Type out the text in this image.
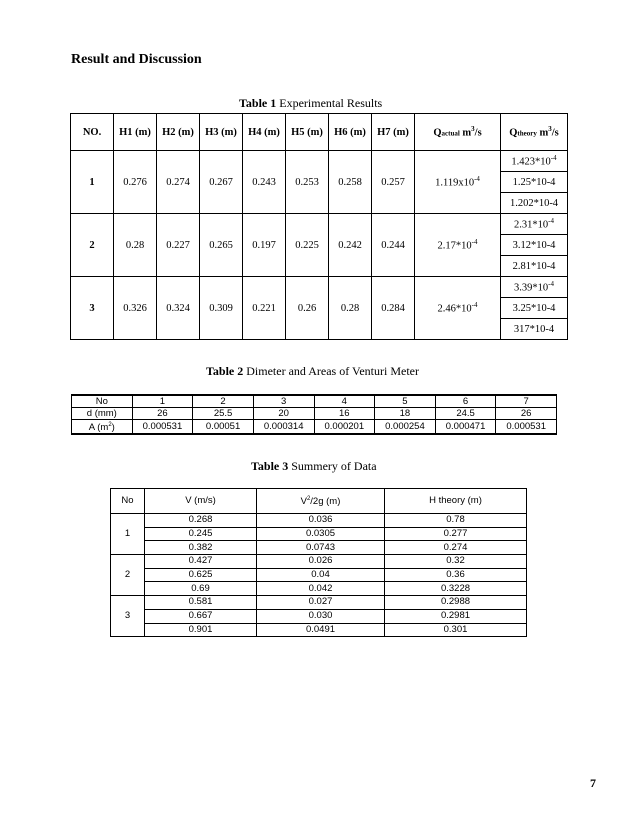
Result and Discussion
Table 1 Experimental Results
NO.	H1 (m)	H2 (m)	H3 (m)	H4 (m)	H5 (m)	H6 (m)	H7 (m)	Qactual $m^3/s$	Qtheory $m^3/s$
1	0.276	0.274	0.267	0.243	0.253	0.258	0.257	$1.119x10^{-4}$	$1.423*10^{-4}$
									1.25*10-4
									1.202*10-4
2	0.28	0.227	0.265	0.197	0.225	0.242	0.244	$2.17*10^{-4}$	$2.31*10^{-4}$
									3.12*10-4
									2.81*10-4
3	0.326	0.324	0.309	0.221	0.26	0.28	0.284	$2.46*10^{-4}$	$3.39*10^{-4}$
									3.25*10-4
									317*10-4
Table 2 Dimeter and Areas of Venturi Meter
No	1	2	3	4	5	6	7
d (mm)	26	25.5	20	16	18	24.5	26
A $(m^2)$	0.000531	0.00051	0.000314	0.000201	0.000254	0.000471	0.000531
Table 3 Summery of Data
No	V (m/s)	$V^2/2g$ (m)	H theory (m)
1	0.268	0.036	0.78
	0.245	0.0305	0.277
	0.382	0.0743	0.274
2	0.427	0.026	0.32
	0.625	0.04	0.36
	0.69	0.042	0.3228
3	0.581	0.027	0.2988
	0.667	0.030	0.2981
	0.901	0.0491	0.301
7
